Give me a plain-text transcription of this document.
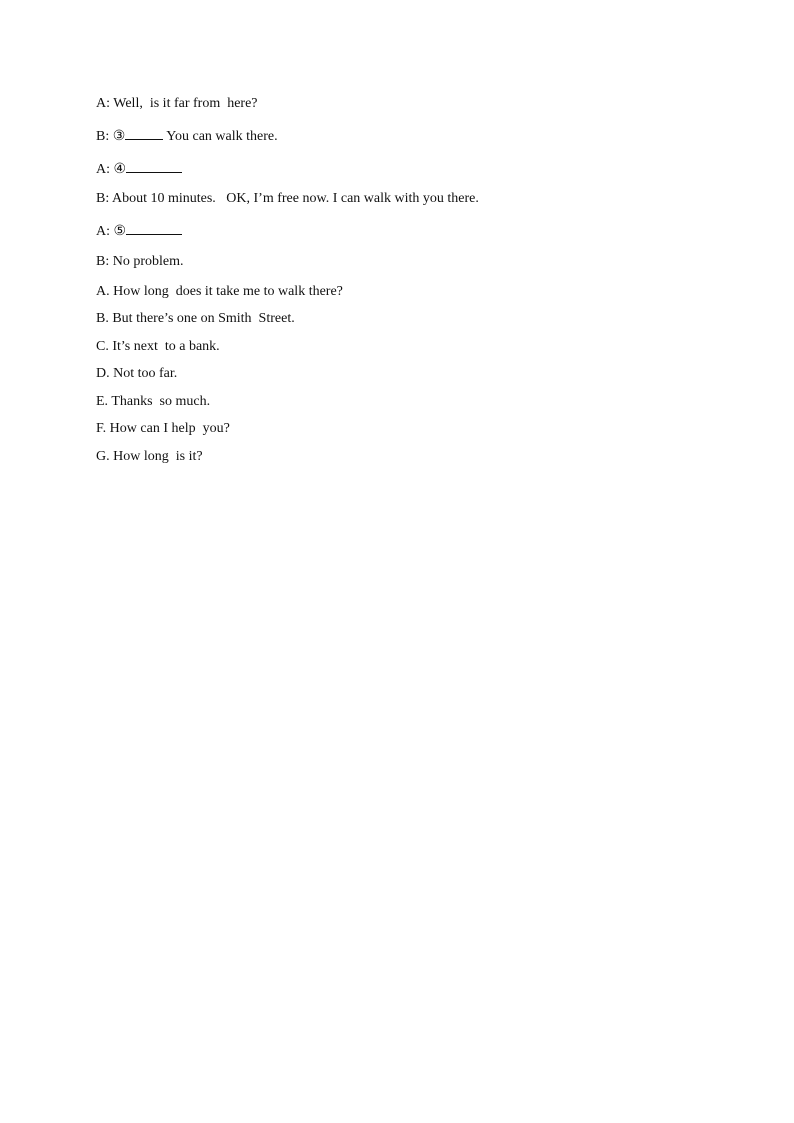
A: Well,  is it far from  here?
B: ③	You can walk there.
A: ④
B: About 10 minutes.   OK, I’m free now. I can walk with you there.
A: ⑤
B: No problem.
A. How long  does it take me to walk there?
B. But there’s one on Smith  Street.
C. It’s next  to a bank.
D. Not too far.
E. Thanks  so much.
F. How can I help  you?
G. How long  is it?
